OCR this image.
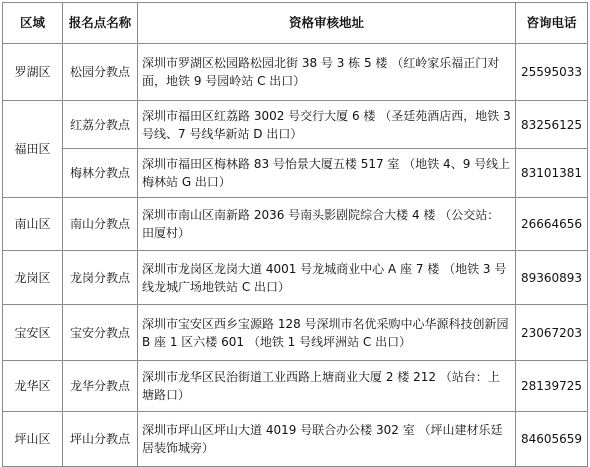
区域	报名点名称	资格审核地址	咨询电话
罗湖区	松园分教点	深圳市罗湖区松园路松园北街 38 号 3 栋 5 楼 （红岭家乐福正门对面，地铁 9 号园岭站 C 出口）	25595033
福田区	红荔分教点	深圳市福田区红荔路 3002 号交行大厦 6 楼 （圣廷苑酒店西，地铁 3 号线、7 号线华新站 D 出口）	83256125
	梅林分教点	深圳市福田区梅林路 83 号怡景大厦五楼 517 室 （地铁 4、9 号线上梅林站 G 出口）	83101381
南山区	南山分教点	深圳市南山区南新路 2036 号南头影剧院综合大楼 4 楼 （公交站：田厦村）	26664656
龙岗区	龙岗分教点	深圳市龙岗区龙岗大道 4001 号龙城商业中心 A 座 7 楼 （地铁 3 号线龙城广场地铁站 C 出口）	89360893
宝安区	宝安分教点	深圳市宝安区西乡宝源路 128 号深圳市名优采购中心华源科技创新园 B 座 1 区六楼 601 （地铁 1 号线坪洲站 C 出口）	23067203
龙华区	龙华分教点	深圳市龙华区民治街道工业西路上塘商业大厦 2 楼 212 （站台：上塘路口）	28139725
坪山区	坪山分教点	深圳市坪山区坪山大道 4019 号联合办公楼 302 室 （坪山建材乐廷居装饰城旁）	84605659
